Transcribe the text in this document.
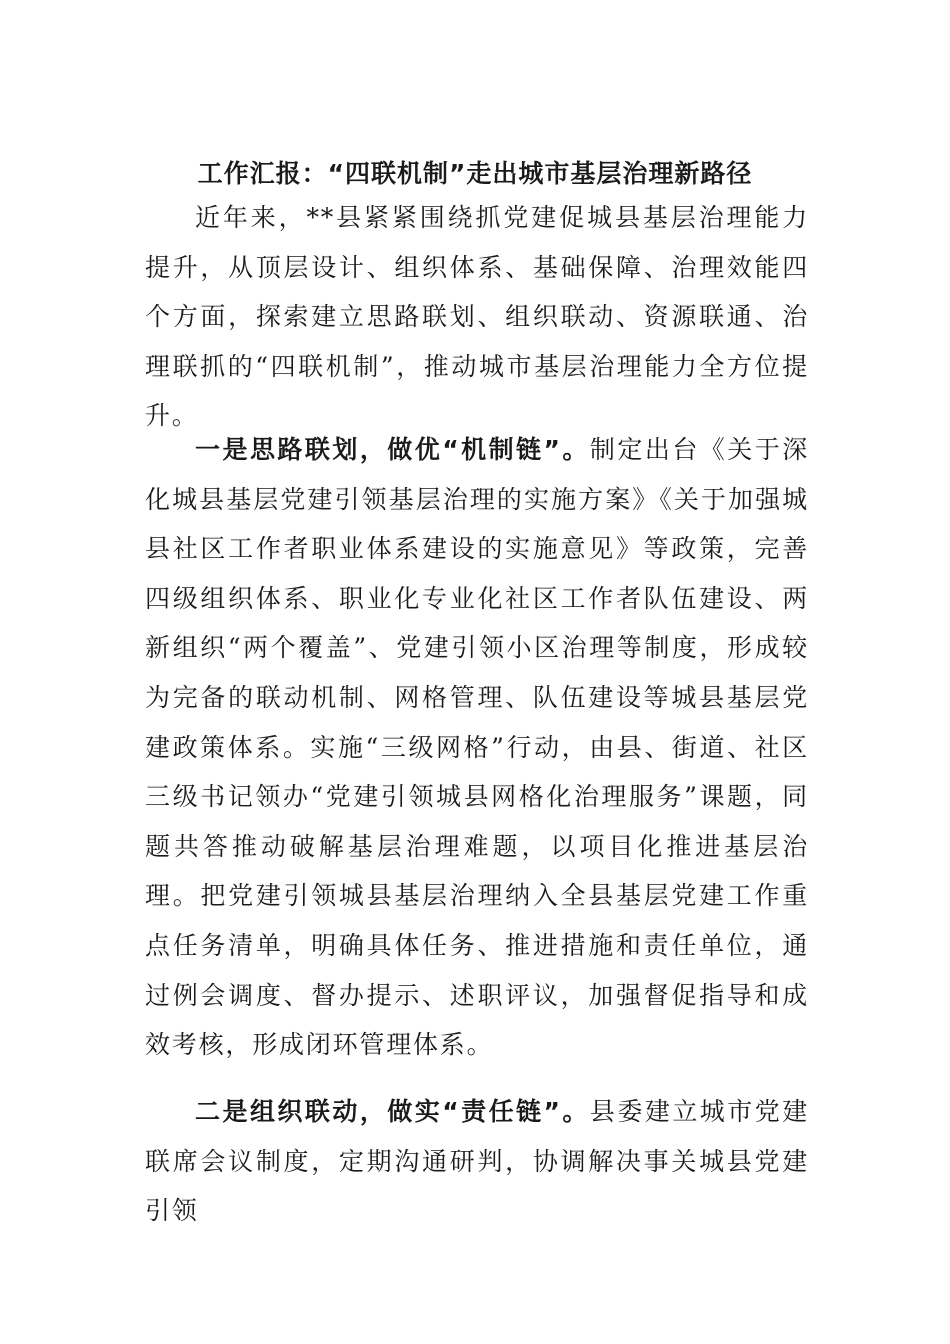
工作汇报：“四联机制”走出城市基层治理新路径

近年来，**县紧紧围绕抓党建促城县基层治理能力提升，从顶层设计、组织体系、基础保障、治理效能四个方面，探索建立思路联划、组织联动、资源联通、治理联抓的“四联机制”，推动城市基层治理能力全方位提升。

一是思路联划，做优“机制链”。制定出台《关于深化城县基层党建引领基层治理的实施方案》《关于加强城县社区工作者职业体系建设的实施意见》等政策，完善四级组织体系、职业化专业化社区工作者队伍建设、两新组织“两个覆盖”、党建引领小区治理等制度，形成较为完备的联动机制、网格管理、队伍建设等城县基层党建政策体系。实施“三级网格”行动，由县、街道、社区三级书记领办“党建引领城县网格化治理服务”课题，同题共答推动破解基层治理难题，以项目化推进基层治理。把党建引领城县基层治理纳入全县基层党建工作重点任务清单，明确具体任务、推进措施和责任单位，通过例会调度、督办提示、述职评议，加强督促指导和成效考核，形成闭环管理体系。

二是组织联动，做实“责任链”。县委建立城市党建联席会议制度，定期沟通研判，协调解决事关城县党建引领
